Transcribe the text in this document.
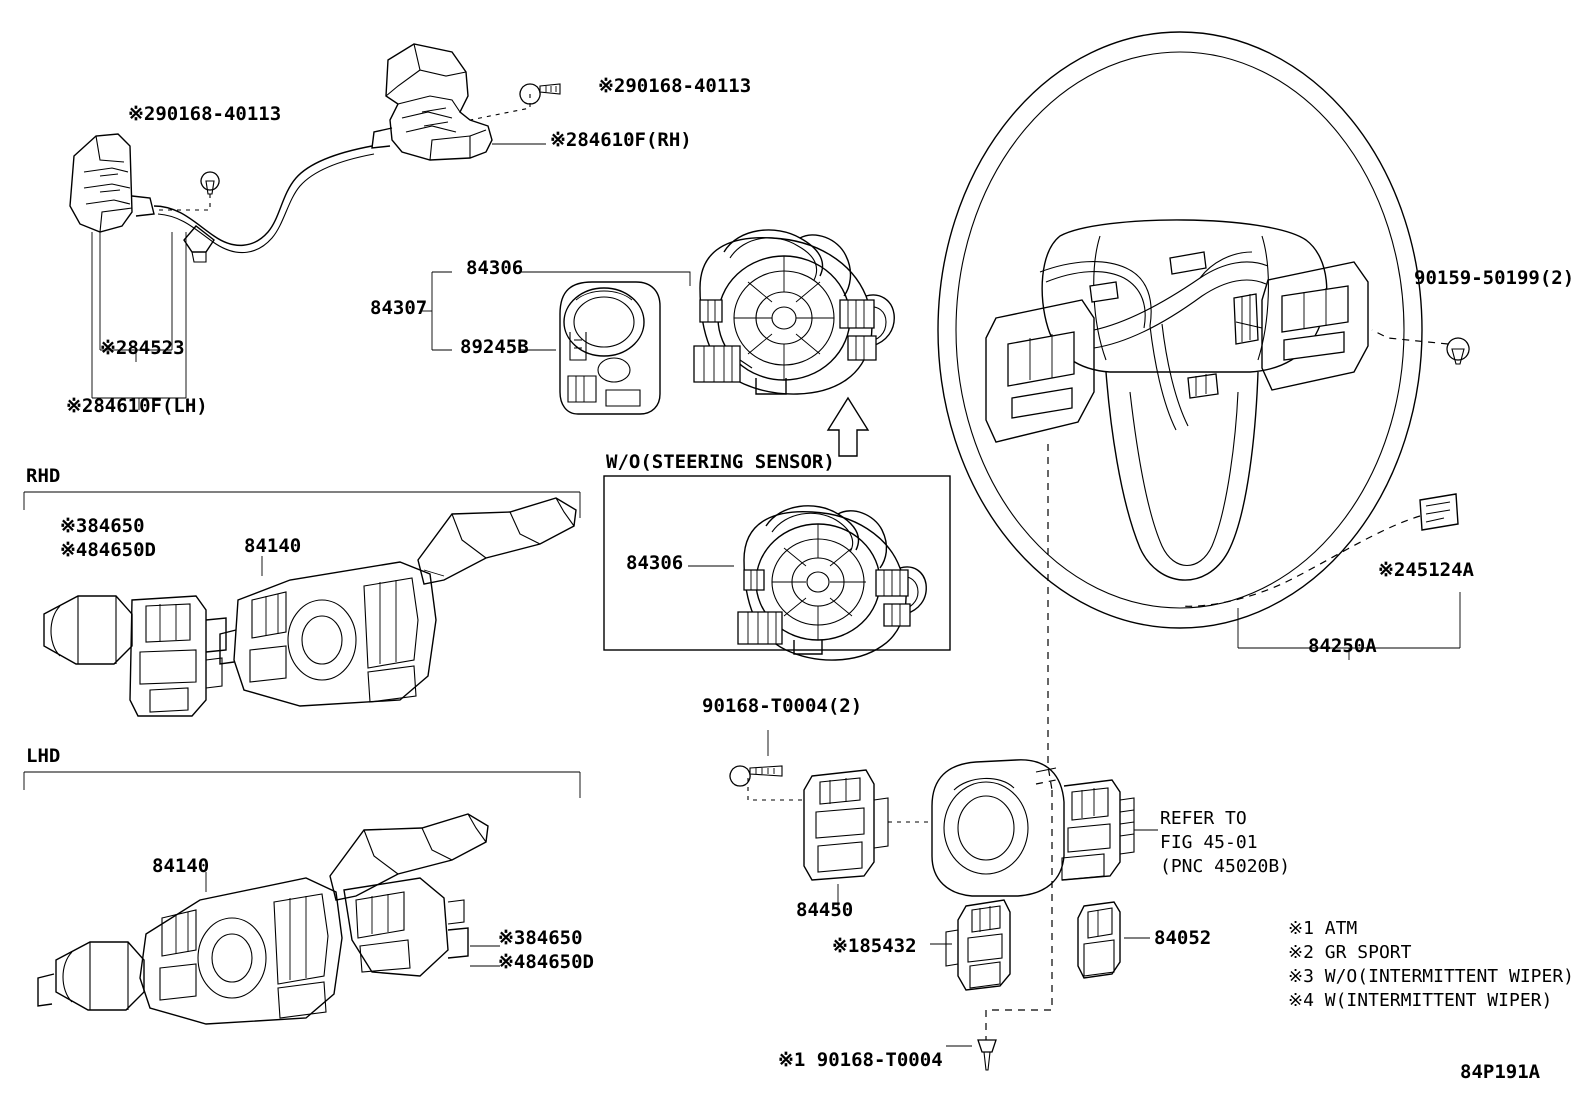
※290168-40113
※290168-40113
※284610F(RH)
※284523
※284610F(LH)
84306
84307
89245B
90159-50199(2)
※245124A
84250A
W/O(STEERING SENSOR)
84306
RHD
※384650
※484650D	84140
LHD
84140
※384650
※484650D
90168-T0004(2)
84450
※185432	84052
※1 90168-T0004
REFER TO
FIG 45-01
(PNC 45020B)
※1 ATM
※2 GR SPORT
※3 W/O(INTERMITTENT WIPER)
※4 W(INTERMITTENT WIPER)
84P191A
